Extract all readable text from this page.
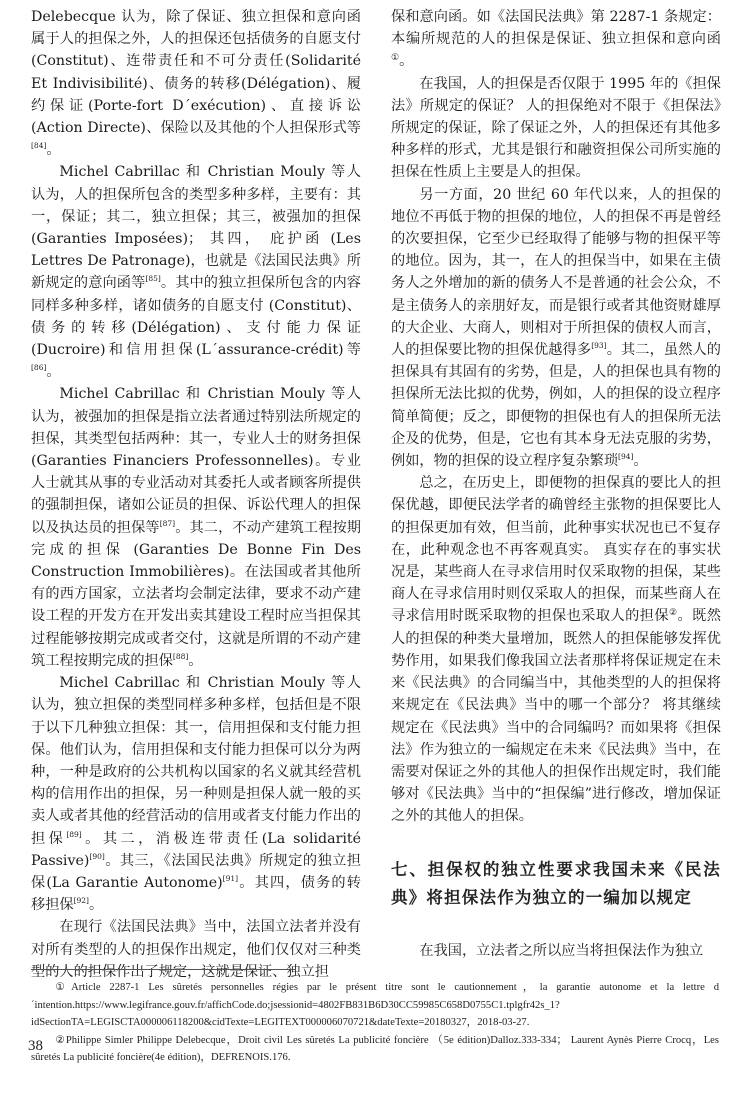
Delebecque 认为，除了保证、独立担保和意向函属于人的担保之外，人的担保还包括债务的自愿支付 (Constitut)、连带责任和不可分责任(Solidarité Et Indivisibilité)、债务的转移(Délégation)、履约保证(Porte-fort D´exécution)、直接诉讼(Action Directe)、保险以及其他的个人担保形式等[84]。

Michel Cabrillac 和 Christian Mouly 等人认为，人的担保所包含的类型多种多样，主要有：其一，保证；其二，独立担保；其三，被强加的担保(Garanties Imposées)； 其四， 庇护函 (Les Lettres De Patronage)，也就是《法国民法典》所新规定的意向函等[85]。其中的独立担保所包含的内容同样多种多样，诸如债务的自愿支付 (Constitut)、 债务的转移(Délégation)、支付能力保证(Ducroire)和信用担保(L´assurance-crédit)等[86]。

Michel Cabrillac 和 Christian Mouly 等人认为，被强加的担保是指立法者通过特别法所规定的担保，其类型包括两种：其一，专业人士的财务担保(Garanties Financiers Professonnelles)。专业人士就其从事的专业活动对其委托人或者顾客所提供的强制担保，诸如公证员的担保、诉讼代理人的担保以及执达员的担保等[87]。其二，不动产建筑工程按期完成的担保 (Garanties De Bonne Fin Des Construction Immobilières)。在法国或者其他所有的西方国家，立法者均会制定法律，要求不动产建设工程的开发方在开发出卖其建设工程时应当担保其过程能够按期完成或者交付，这就是所谓的不动产建筑工程按期完成的担保[88]。

Michel Cabrillac 和 Christian Mouly 等人认为，独立担保的类型同样多种多样，包括但是不限于以下几种独立担保：其一，信用担保和支付能力担保。他们认为，信用担保和支付能力担保可以分为两种，一种是政府的公共机构以国家的名义就其经营机构的信用作出的担保，另一种则是担保人就一般的买卖人或者其他的经营活动的信用或者支付能力作出的担保[89]。其二，消极连带责任(La solidarité Passive)[90]。其三，《法国民法典》所规定的独立担保(La Garantie Autonome)[91]。其四，债务的转移担保[92]。

在现行《法国民法典》当中，法国立法者并没有对所有类型的人的担保作出规定，他们仅仅对三种类型的人的担保作出了规定，这就是保证、独立担

保和意向函。如《法国民法典》第 2287-1 条规定：本编所规范的人的担保是保证、独立担保和意向函①。

在我国，人的担保是否仅限于 1995 年的《担保法》所规定的保证？ 人的担保绝对不限于《担保法》所规定的保证，除了保证之外，人的担保还有其他多种多样的形式，尤其是银行和融资担保公司所实施的担保在性质上主要是人的担保。

另一方面，20 世纪 60 年代以来，人的担保的地位不再低于物的担保的地位，人的担保不再是曾经的次要担保，它至少已经取得了能够与物的担保平等的地位。因为，其一，在人的担保当中，如果在主债务人之外增加的新的债务人不是普通的社会公众，不是主债务人的亲朋好友，而是银行或者其他资财雄厚的大企业、大商人，则相对于所担保的债权人而言，人的担保要比物的担保优越得多[93]。其二，虽然人的担保具有其固有的劣势，但是，人的担保也具有物的担保所无法比拟的优势，例如，人的担保的设立程序简单简便；反之，即便物的担保也有人的担保所无法企及的优势，但是，它也有其本身无法克服的劣势，例如，物的担保的设立程序复杂繁琐[94]。

总之，在历史上，即便物的担保真的要比人的担保优越，即便民法学者的确曾经主张物的担保要比人的担保更加有效，但当前，此种事实状况也已不复存在，此种观念也不再客观真实。 真实存在的事实状况是，某些商人在寻求信用时仅采取物的担保，某些商人在寻求信用时则仅采取人的担保，而某些商人在寻求信用时既采取物的担保也采取人的担保②。既然人的担保的种类大量增加，既然人的担保能够发挥优势作用，如果我们像我国立法者那样将保证规定在未来《民法典》的合同编当中，其他类型的人的担保将来规定在《民法典》当中的哪一个部分？ 将其继续规定在《民法典》当中的合同编吗？而如果将《担保法》作为独立的一编规定在未来《民法典》当中，在需要对保证之外的其他人的担保作出规定时，我们能够对《民法典》当中的“担保编”进行修改，增加保证之外的其他人的担保。

七、担保权的独立性要求我国未来《民法典》将担保法作为独立的一编加以规定

在我国，立法者之所以应当将担保法作为独立

①Article 2287-1 Les sûretés personnelles régies par le présent titre sont le cautionnement，la garantie autonome et la lettre d´intention.https://www.legifrance.gouv.fr/affichCode.do;jsessionid=4802FB831B6D30CC59985C658D0755C1.tplgfr42s_1?idSectionTA=LEGISCTA000006118200&cidTexte=LEGITEXT000006070721&dateTexte=20180327，2018-03-27.

②Philippe Simler Philippe Delebecque，Droit civil Les sûretés La publicité foncière （5e édition)Dalloz.333-334； Laurent Aynès Pierre Crocq，Les sûretés La publicité foncière(4e édition)，DEFRENOIS.176.

38
